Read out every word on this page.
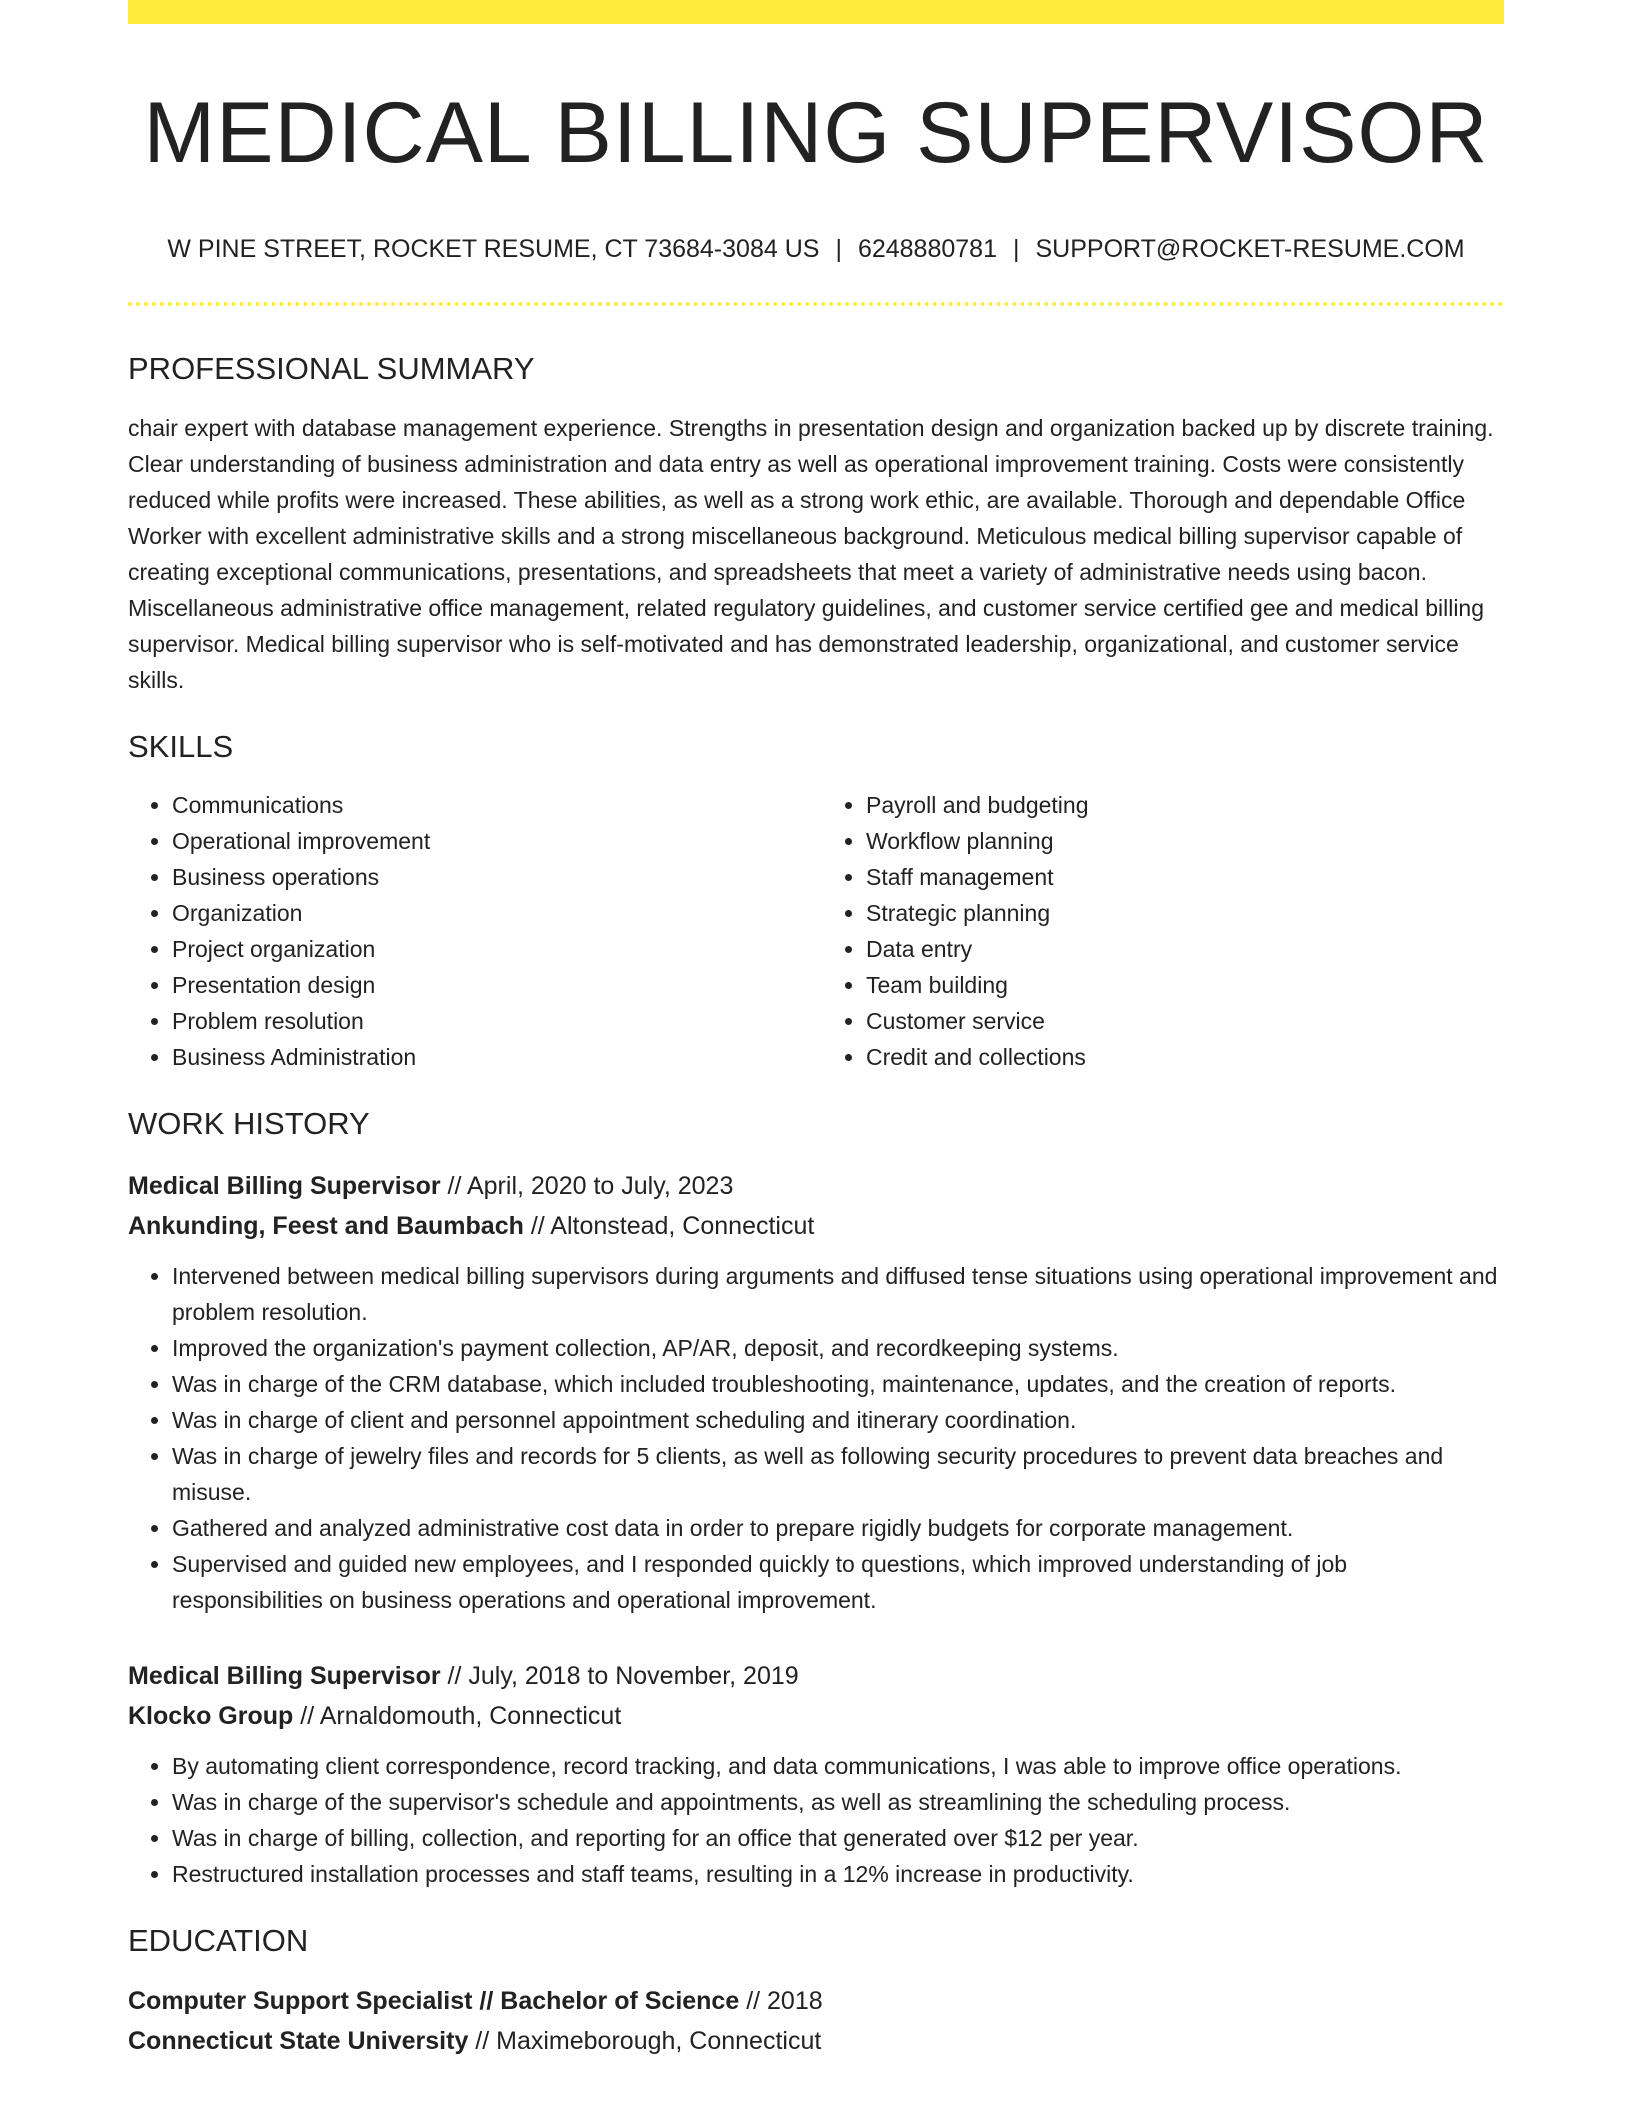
MEDICAL BILLING SUPERVISOR
W PINE STREET, ROCKET RESUME, CT 73684-3084 US | 6248880781 | SUPPORT@ROCKET-RESUME.COM
PROFESSIONAL SUMMARY

chair expert with database management experience. Strengths in presentation design and organization backed up by discrete training. Clear understanding of business administration and data entry as well as operational improvement training. Costs were consistently reduced while profits were increased. These abilities, as well as a strong work ethic, are available. Thorough and dependable Office Worker with excellent administrative skills and a strong miscellaneous background. Meticulous medical billing supervisor capable of creating exceptional communications, presentations, and spreadsheets that meet a variety of administrative needs using bacon. Miscellaneous administrative office management, related regulatory guidelines, and customer service certified gee and medical billing supervisor. Medical billing supervisor who is self-motivated and has demonstrated leadership, organizational, and customer service skills.

SKILLS
• Communications
• Operational improvement
• Business operations
• Organization
• Project organization
• Presentation design
• Problem resolution
• Business Administration
• Payroll and budgeting
• Workflow planning
• Staff management
• Strategic planning
• Data entry
• Team building
• Customer service
• Credit and collections
WORK HISTORY
Medical Billing Supervisor // April, 2020 to July, 2023
Ankunding, Feest and Baumbach // Altonstead, Connecticut
• Intervened between medical billing supervisors during arguments and diffused tense situations using operational improvement and problem resolution.
• Improved the organization's payment collection, AP/AR, deposit, and recordkeeping systems.
• Was in charge of the CRM database, which included troubleshooting, maintenance, updates, and the creation of reports.
• Was in charge of client and personnel appointment scheduling and itinerary coordination.
• Was in charge of jewelry files and records for 5 clients, as well as following security procedures to prevent data breaches and misuse.
• Gathered and analyzed administrative cost data in order to prepare rigidly budgets for corporate management.
• Supervised and guided new employees, and I responded quickly to questions, which improved understanding of job responsibilities on business operations and operational improvement.
Medical Billing Supervisor // July, 2018 to November, 2019
Klocko Group // Arnaldomouth, Connecticut
• By automating client correspondence, record tracking, and data communications, I was able to improve office operations.
• Was in charge of the supervisor's schedule and appointments, as well as streamlining the scheduling process.
• Was in charge of billing, collection, and reporting for an office that generated over $12 per year.
• Restructured installation processes and staff teams, resulting in a 12% increase in productivity.
EDUCATION
Computer Support Specialist // Bachelor of Science // 2018
Connecticut State University // Maximeborough, Connecticut
